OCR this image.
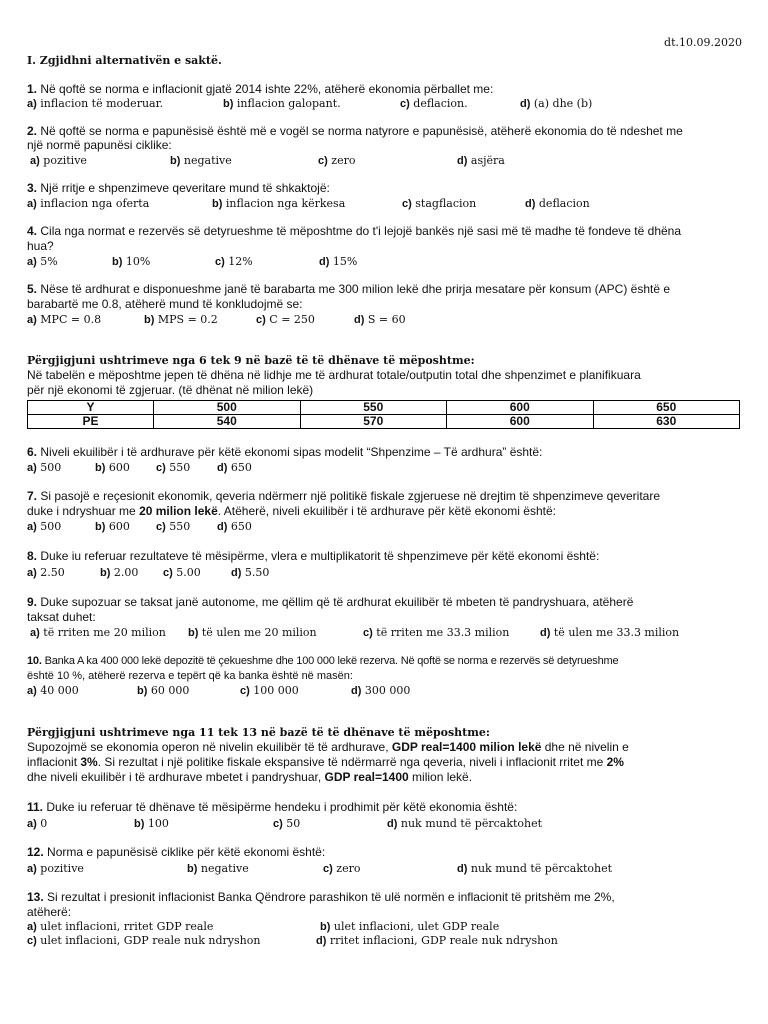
dt.10.09.2020
I. Zgjidhni alternativën e saktë.
1. Në qoftë se norma e inflacionit gjatë 2014 ishte 22%, atëherë ekonomia përballet me:
a) inflacion të moderuar.	b) inflacion galopant.	c) deflacion.	d) (a) dhe (b)
2. Në qoftë se norma e papunësisë është më e vogël se norma natyrore e papunësisë, atëherë ekonomia do të ndeshet me
një normë papunësi ciklike:
a) pozitive	b) negative	c) zero	d) asjëra
3. Një rritje e shpenzimeve qeveritare mund të shkaktojë:
a) inflacion nga oferta	b) inflacion nga kërkesa	c) stagflacion	d) deflacion
4. Cila nga normat e rezervës së detyrueshme të mëposhtme do t'i lejojë bankës një sasi më të madhe të fondeve të dhëna
hua?
a) 5%	b) 10%	c) 12%	d) 15%
5. Nëse të ardhurat e disponueshme janë të barabarta me 300 milion lekë dhe prirja mesatare për konsum (APC) është e
barabartë me 0.8, atëherë mund të konkludojmë se:
a) MPC = 0.8	b) MPS = 0.2	c) C = 250	d) S = 60
Përgjigjuni ushtrimeve nga 6 tek 9 në bazë të të dhënave të mëposhtme:
Në tabelën e mëposhtme jepen të dhëna në lidhje me të ardhurat totale/outputin total dhe shpenzimet e planifikuara
për një ekonomi të zgjeruar. (të dhënat në milion lekë)
Y	500	550	600	650
PE	540	570	600	630
6. Niveli ekuilibër i të ardhurave për këtë ekonomi sipas modelit “Shpenzime – Të ardhura” është:
a) 500	b) 600 c) 550 d) 650
7. Si pasojë e reçesionit ekonomik, qeveria ndërmerr një politikë fiskale zgjeruese në drejtim të shpenzimeve qeveritare
duke i ndryshuar me 20 milion lekë. Atëherë, niveli ekuilibër i të ardhurave për këtë ekonomi është:
a) 500	b) 600 c) 550 d) 650
8. Duke iu referuar rezultateve të mësipërme, vlera e multiplikatorit të shpenzimeve për këtë ekonomi është:
a) 2.50	b) 2.00 c) 5.00	d) 5.50
9. Duke supozuar se taksat janë autonome, me qëllim që të ardhurat ekuilibër të mbeten të pandryshuara, atëherë
taksat duhet:
a) të rriten me 20 milion b) të ulen me 20 milion	c) të rriten me 33.3 milion	d) të ulen me 33.3 milion
10. Banka A ka 400 000 lekë depozitë të çekueshme dhe 100 000 lekë rezerva. Në qoftë se norma e rezervës së detyrueshme
është 10 %, atëherë rezerva e tepërt që ka banka është në masën:
a) 40 000	b) 60 000	c) 100 000	d) 300 000
Përgjigjuni ushtrimeve nga 11 tek 13 në bazë të të dhënave të mëposhtme:
Supozojmë se ekonomia operon në nivelin ekuilibër të të ardhurave, GDP real=1400 milion lekë dhe në nivelin e
inflacionit 3%. Si rezultat i një politike fiskale ekspansive të ndërmarrë nga qeveria, niveli i inflacionit rritet me 2%
dhe niveli ekuilibër i të ardhurave mbetet i pandryshuar, GDP real=1400 milion lekë.
11. Duke iu referuar të dhënave të mësipërme hendeku i prodhimit për këtë ekonomia është:
a) 0	b) 100	c) 50	d) nuk mund të përcaktohet
12. Norma e papunësisë ciklike për këtë ekonomi është:
a) pozitive	b) negative	c) zero	d) nuk mund të përcaktohet
13. Si rezultat i presionit inflacionist Banka Qëndrore parashikon të ulë normën e inflacionit të pritshëm me 2%,
atëherë:
a) ulet inflacioni, rritet GDP reale	b) ulet inflacioni, ulet GDP reale
c) ulet inflacioni, GDP reale nuk ndryshon	d) rritet inflacioni, GDP reale nuk ndryshon
